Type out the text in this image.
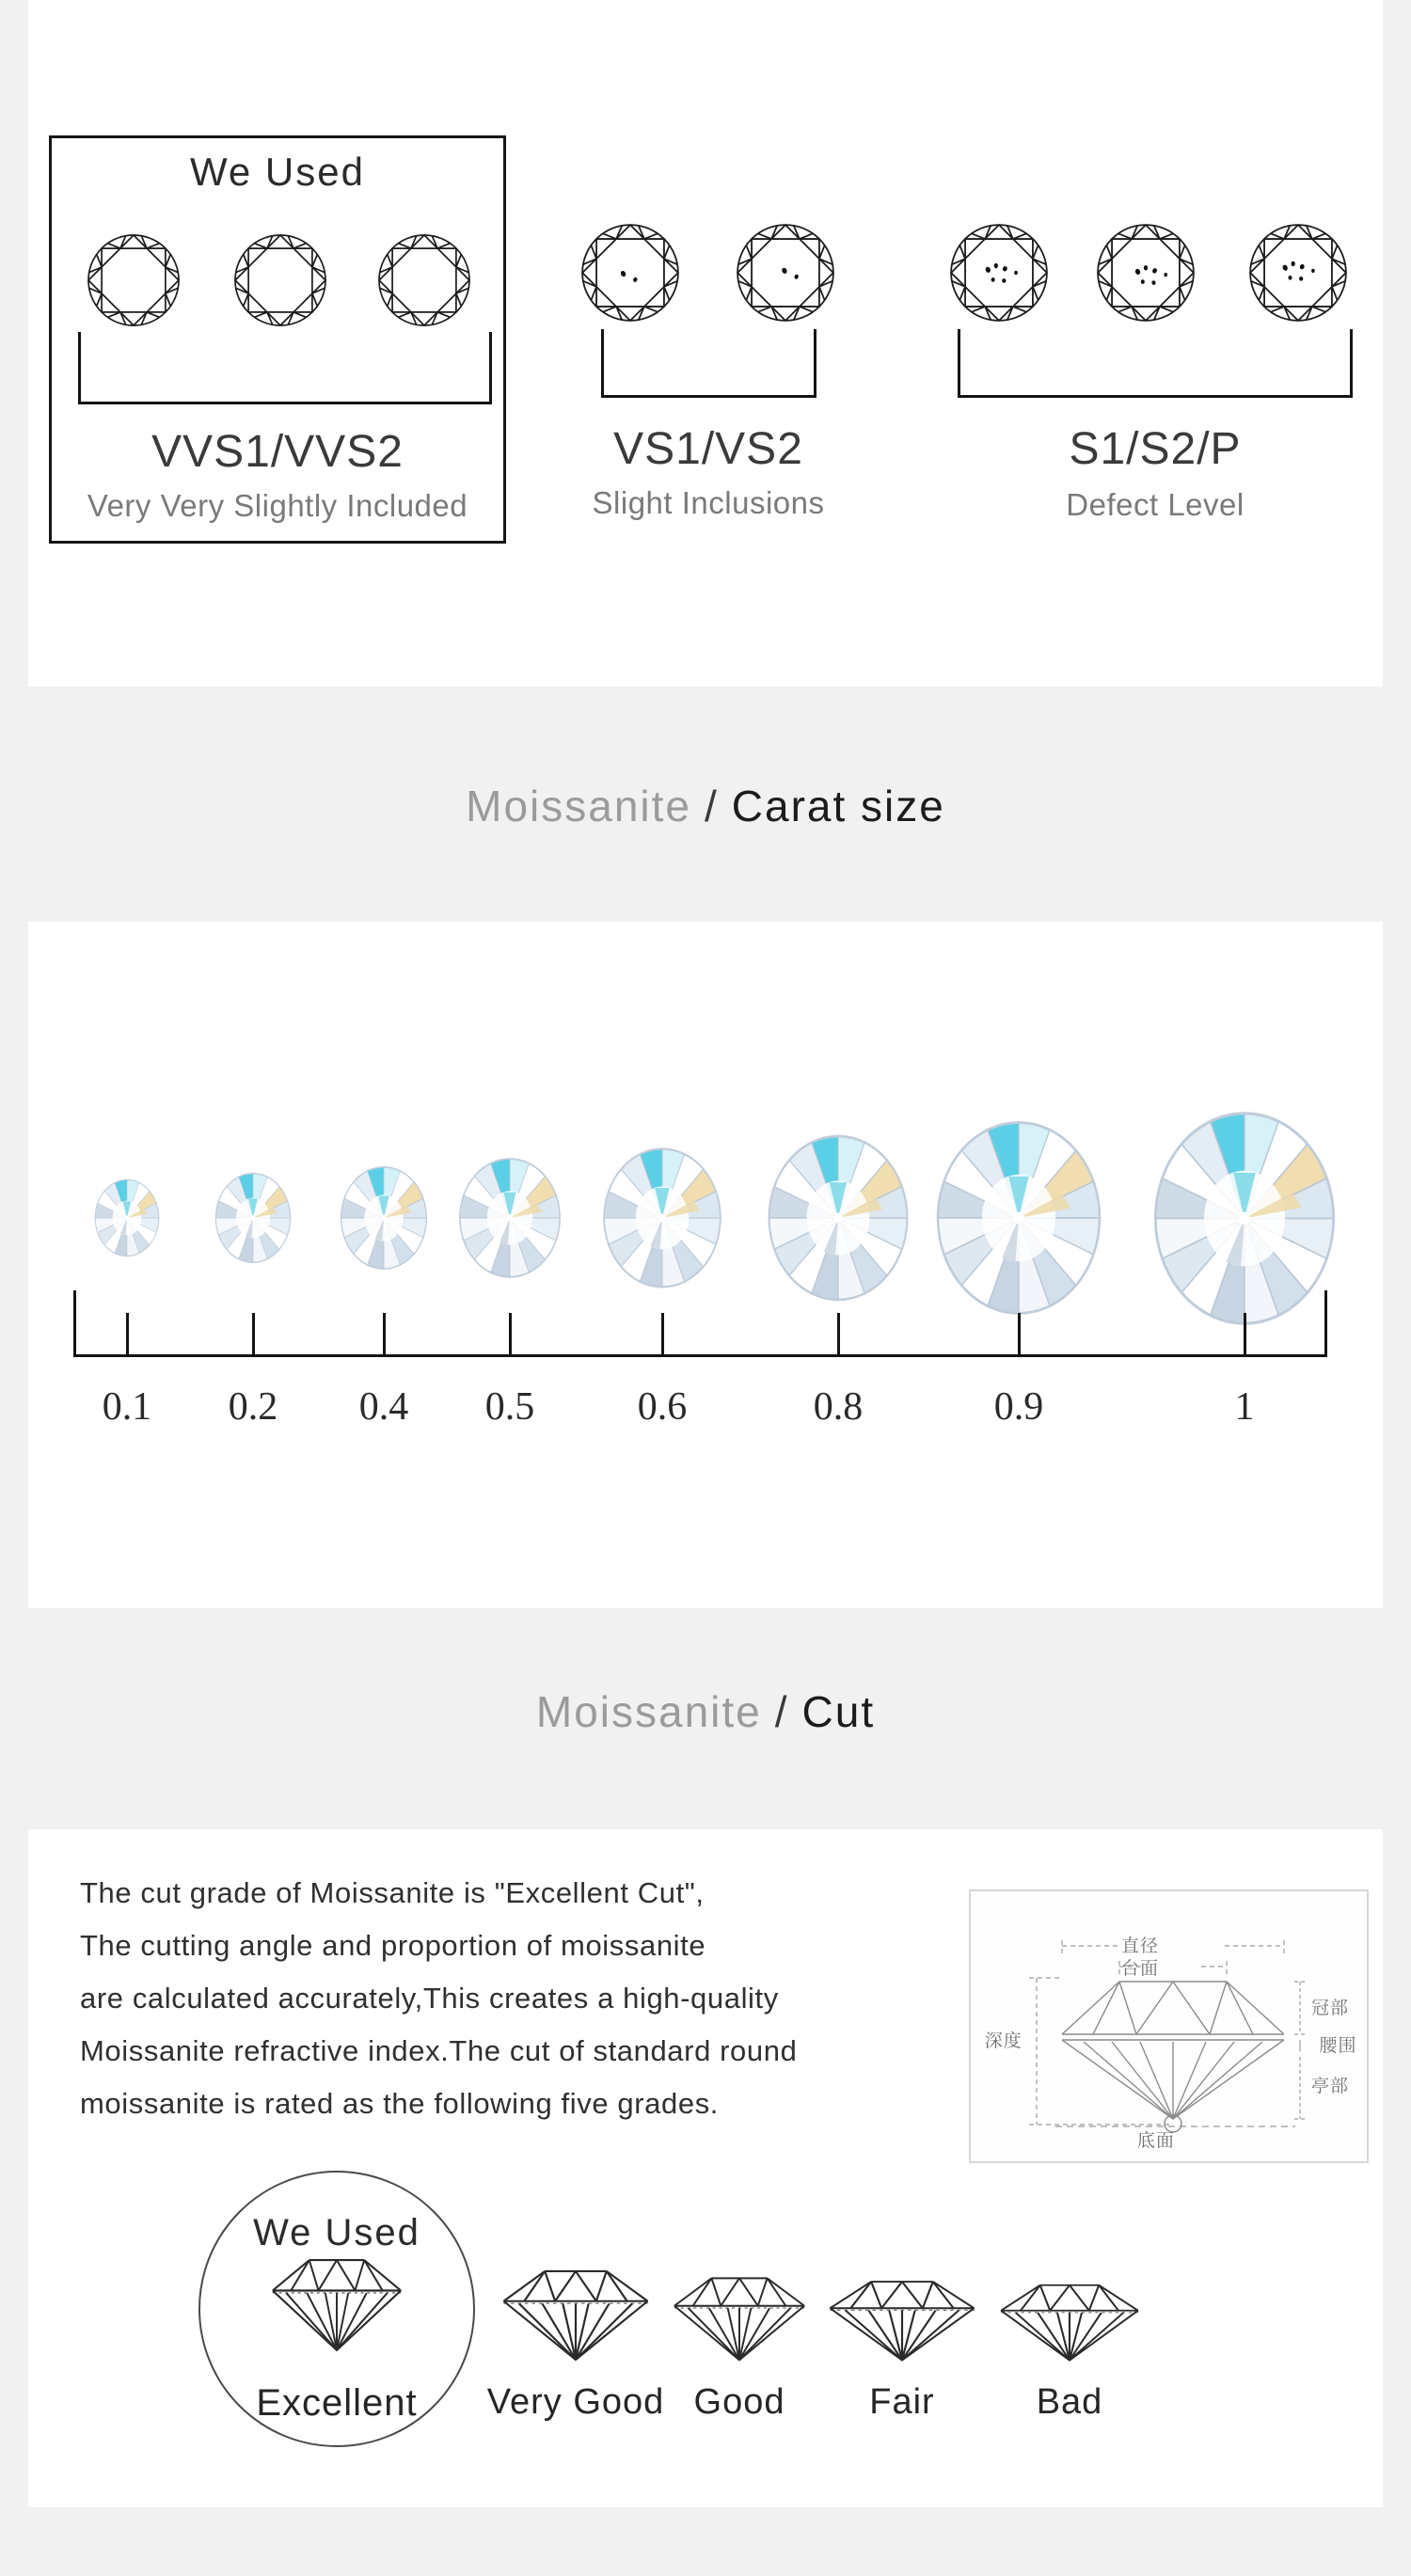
We Used
VVS1/VVS2
Very Very Slightly Included
VS1/VS2
Slight Inclusions
S1/S2/P
Defect Level
Moissanite / Carat size
0.1	0.2	0.4	0.5	0.6	0.8	0.9	1
Moissanite / Cut
The cut grade of Moissanite is "Excellent Cut",
The cutting angle and proportion of moissanite
are calculated accurately,This creates a high-quality
Moissanite refractive index.The cut of standard round
moissanite is rated as the following five grades.
直径
台面
深度
冠部
腰围
亭部
底面
We Used
Excellent	Very Good Good	Fair	Bad
